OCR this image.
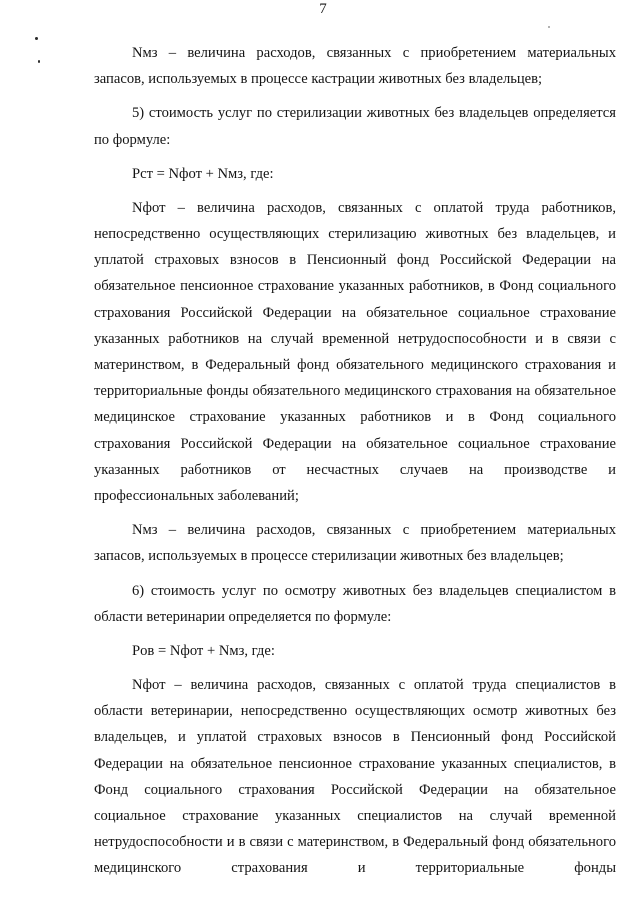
7

Nмз – величина расходов, связанных с приобретением материальных запасов, используемых в процессе кастрации животных без владельцев;

5) стоимость услуг по стерилизации животных без владельцев определяется по формуле:

Pст = Nфот + Nмз, где:

Nфот – величина расходов, связанных с оплатой труда работников, непосредственно осуществляющих стерилизацию животных без владельцев, и уплатой страховых взносов в Пенсионный фонд Российской Федерации на обязательное пенсионное страхование указанных работников, в Фонд социального страхования Российской Федерации на обязательное социальное страхование указанных работников на случай временной нетрудоспособности и в связи с материнством, в Федеральный фонд обязательного медицинского страхования и территориальные фонды обязательного медицинского страхования на обязательное медицинское страхование указанных работников и в Фонд социального страхования Российской Федерации на обязательное социальное страхование указанных работников от несчастных случаев на производстве и профессиональных заболеваний;

Nмз – величина расходов, связанных с приобретением материальных запасов, используемых в процессе стерилизации животных без владельцев;

6) стоимость услуг по осмотру животных без владельцев специалистом в области ветеринарии определяется по формуле:

Pов = Nфот + Nмз, где:

Nфот – величина расходов, связанных с оплатой труда специалистов в области ветеринарии, непосредственно осуществляющих осмотр животных без владельцев, и уплатой страховых взносов в Пенсионный фонд Российской Федерации на обязательное пенсионное страхование указанных специалистов, в Фонд социального страхования Российской Федерации на обязательное социальное страхование указанных специалистов на случай временной нетрудоспособности и в связи с материнством, в Федеральный фонд обязательного медицинского страхования и территориальные фонды
